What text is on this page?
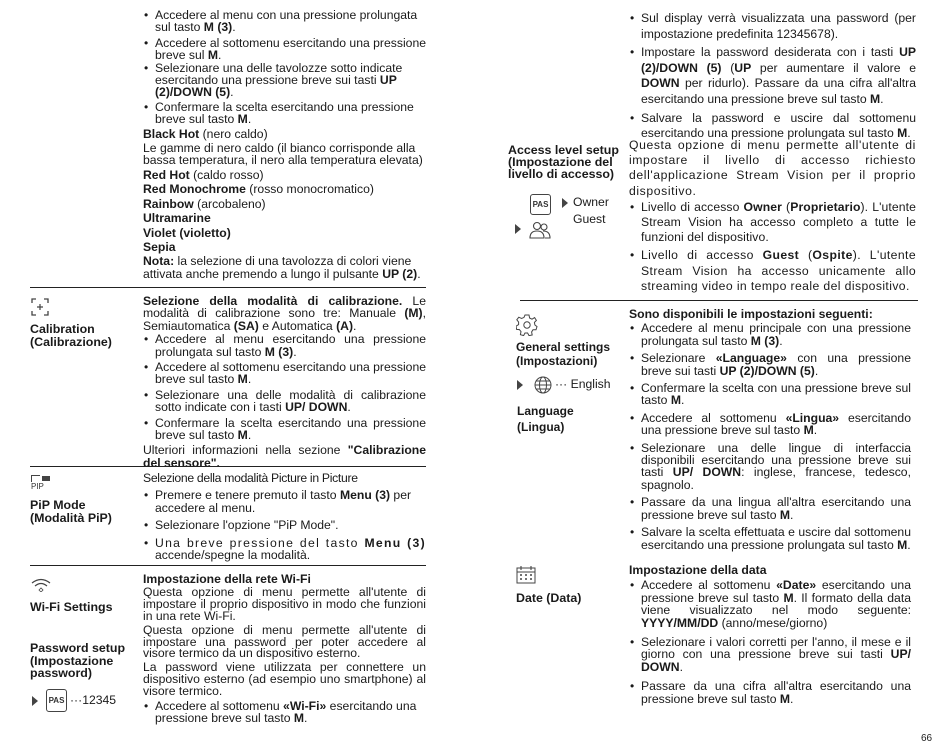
• Accedere al menu con una pressione prolungata sul tasto M (3).
• Accedere al sottomenu esercitando una pressione breve sul M.
• Selezionare una delle tavolozze sotto indicate esercitando una pressione breve sui tasti UP (2)/DOWN (5).
• Confermare la scelta esercitando una pressione breve sul tasto M.

Black Hot (nero caldo)

Le gamme di nero caldo (il bianco corrisponde alla bassa temperatura, il nero alla temperatura elevata)

Red Hot (caldo rosso)

Red Monochrome (rosso monocromatico)

Rainbow (arcobaleno)

Ultramarine

Violet (violetto)

Sepia

Nota: la selezione di una tavolozza di colori viene attivata anche premendo a lungo il pulsante UP (2).

Calibration (Calibrazione)

Selezione della modalità di calibrazione. Le modalità di calibrazione sono tre: Manuale (M), Semiautomatica (SA) e Automatica (A).

• Accedere al menu esercitando una pressione prolungata sul tasto M (3).
• Accedere al sottomenu esercitando una pressione breve sul tasto M.
• Selezionare una delle modalità di calibrazione sotto indicate con i tasti UP/ DOWN.
• Confermare la scelta esercitando una pressione breve sul tasto M.

Ulteriori informazioni nella sezione "Calibrazione del sensore".

PIP
PiP Mode (Modalità PiP)

Selezione della modalità Picture in Picture

• Premere e tenere premuto il tasto Menu (3) per accedere al menu.
• Selezionare l'opzione "PiP Mode".
• Una breve pressione del tasto Menu (3) accende/spegne la modalità.
Wi-Fi Settings
Password setup (Impostazione password)
PAS ···12345

Impostazione della rete Wi-Fi

Questa opzione di menu permette all'utente di impostare il proprio dispositivo in modo che funzioni in una rete Wi-Fi.

Questa opzione di menu permette all'utente di impostare una password per poter accedere al visore termico da un dispositivo esterno.

La password viene utilizzata per connettere un dispositivo esterno (ad esempio uno smartphone) al visore termico.

• Accedere al sottomenu «Wi-Fi» esercitando una pressione breve sul tasto M.
• Sul display verrà visualizzata una password (per impostazione predefinita 12345678).
• Impostare la password desiderata con i tasti UP (2)/DOWN (5) (UP per aumentare il valore e DOWN per ridurlo). Passare da una cifra all'altra esercitando una pressione breve sul tasto M.
• Salvare la password e uscire dal sottomenu esercitando una pressione prolungata sul tasto M.
Access level setup (Impostazione del livello di accesso)
PAS Owner
Guest

Questa opzione di menu permette all'utente di impostare il livello di accesso richiesto dell'applicazione Stream Vision per il proprio dispositivo.

• Livello di accesso Owner (Proprietario). L'utente Stream Vision ha accesso completo a tutte le funzioni del dispositivo.
• Livello di accesso Guest (Ospite). L'utente Stream Vision ha accesso unicamente allo streaming video in tempo reale del dispositivo.
General settings (Impostazioni)
··· English
Language (Lingua)

Sono disponibili le impostazioni seguenti:

• Accedere al menu principale con una pressione prolungata sul tasto M (3).
• Selezionare «Language» con una pressione breve sui tasti UP (2)/DOWN (5).
• Confermare la scelta con una pressione breve sul tasto M.
• Accedere al sottomenu «Lingua» esercitando una pressione breve sul tasto M.
• Selezionare una delle lingue di interfaccia disponibili esercitando una pressione breve sui tasti UP/ DOWN: inglese, francese, tedesco, spagnolo.
• Passare da una lingua all'altra esercitando una pressione breve sul tasto M.
• Salvare la scelta effettuata e uscire dal sottomenu esercitando una pressione prolungata sul tasto M.
Date (Data)

Impostazione della data

• Accedere al sottomenu «Date» esercitando una pressione breve sul tasto M. Il formato della data viene visualizzato nel modo seguente: YYYY/MM/DD (anno/mese/giorno)
• Selezionare i valori corretti per l'anno, il mese e il giorno con una pressione breve sui tasti UP/ DOWN.
• Passare da una cifra all'altra esercitando una pressione breve sul tasto M.
66
